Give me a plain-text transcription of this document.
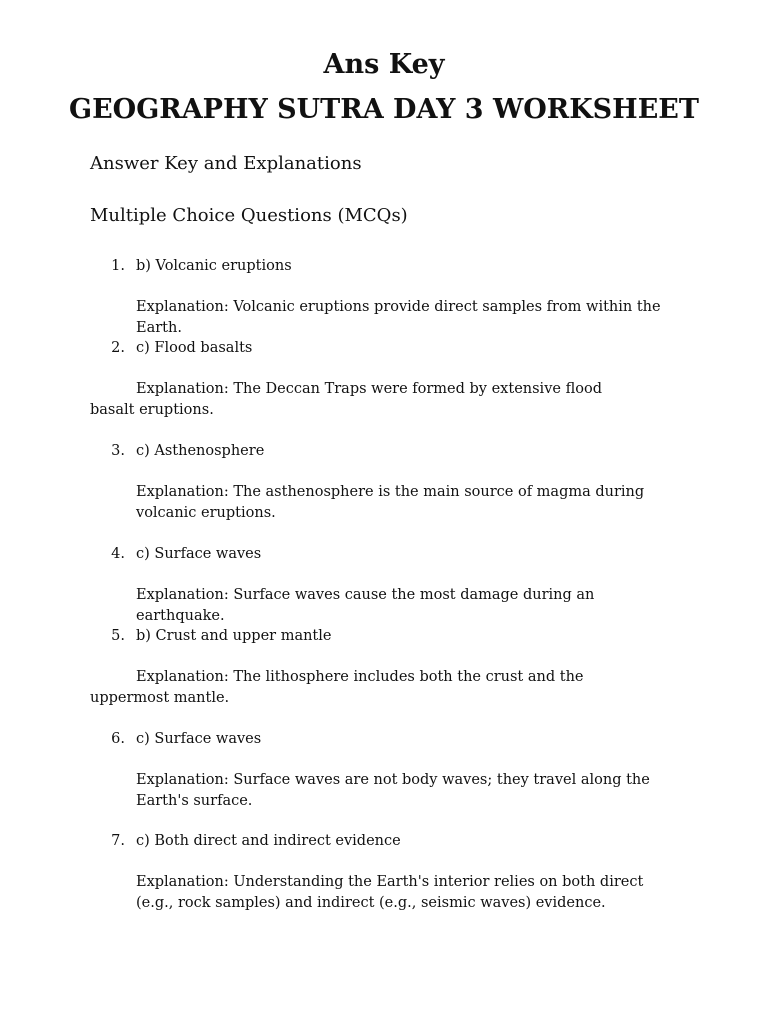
Ans Key
GEOGRAPHY SUTRA DAY 3 WORKSHEET
Answer Key and Explanations
Multiple Choice Questions (MCQs)
1. b) Volcanic eruptions
Explanation: Volcanic eruptions provide direct samples from within the Earth.
2. c) Flood basalts
Explanation: The Deccan Traps were formed by extensive flood basalt eruptions.
3. c) Asthenosphere
Explanation: The asthenosphere is the main source of magma during volcanic eruptions.
4. c) Surface waves
Explanation: Surface waves cause the most damage during an earthquake.
5. b) Crust and upper mantle
Explanation: The lithosphere includes both the crust and the uppermost mantle.
6. c) Surface waves
Explanation: Surface waves are not body waves; they travel along the Earth's surface.
7. c) Both direct and indirect evidence
Explanation: Understanding the Earth's interior relies on both direct (e.g., rock samples) and indirect (e.g., seismic waves) evidence.
